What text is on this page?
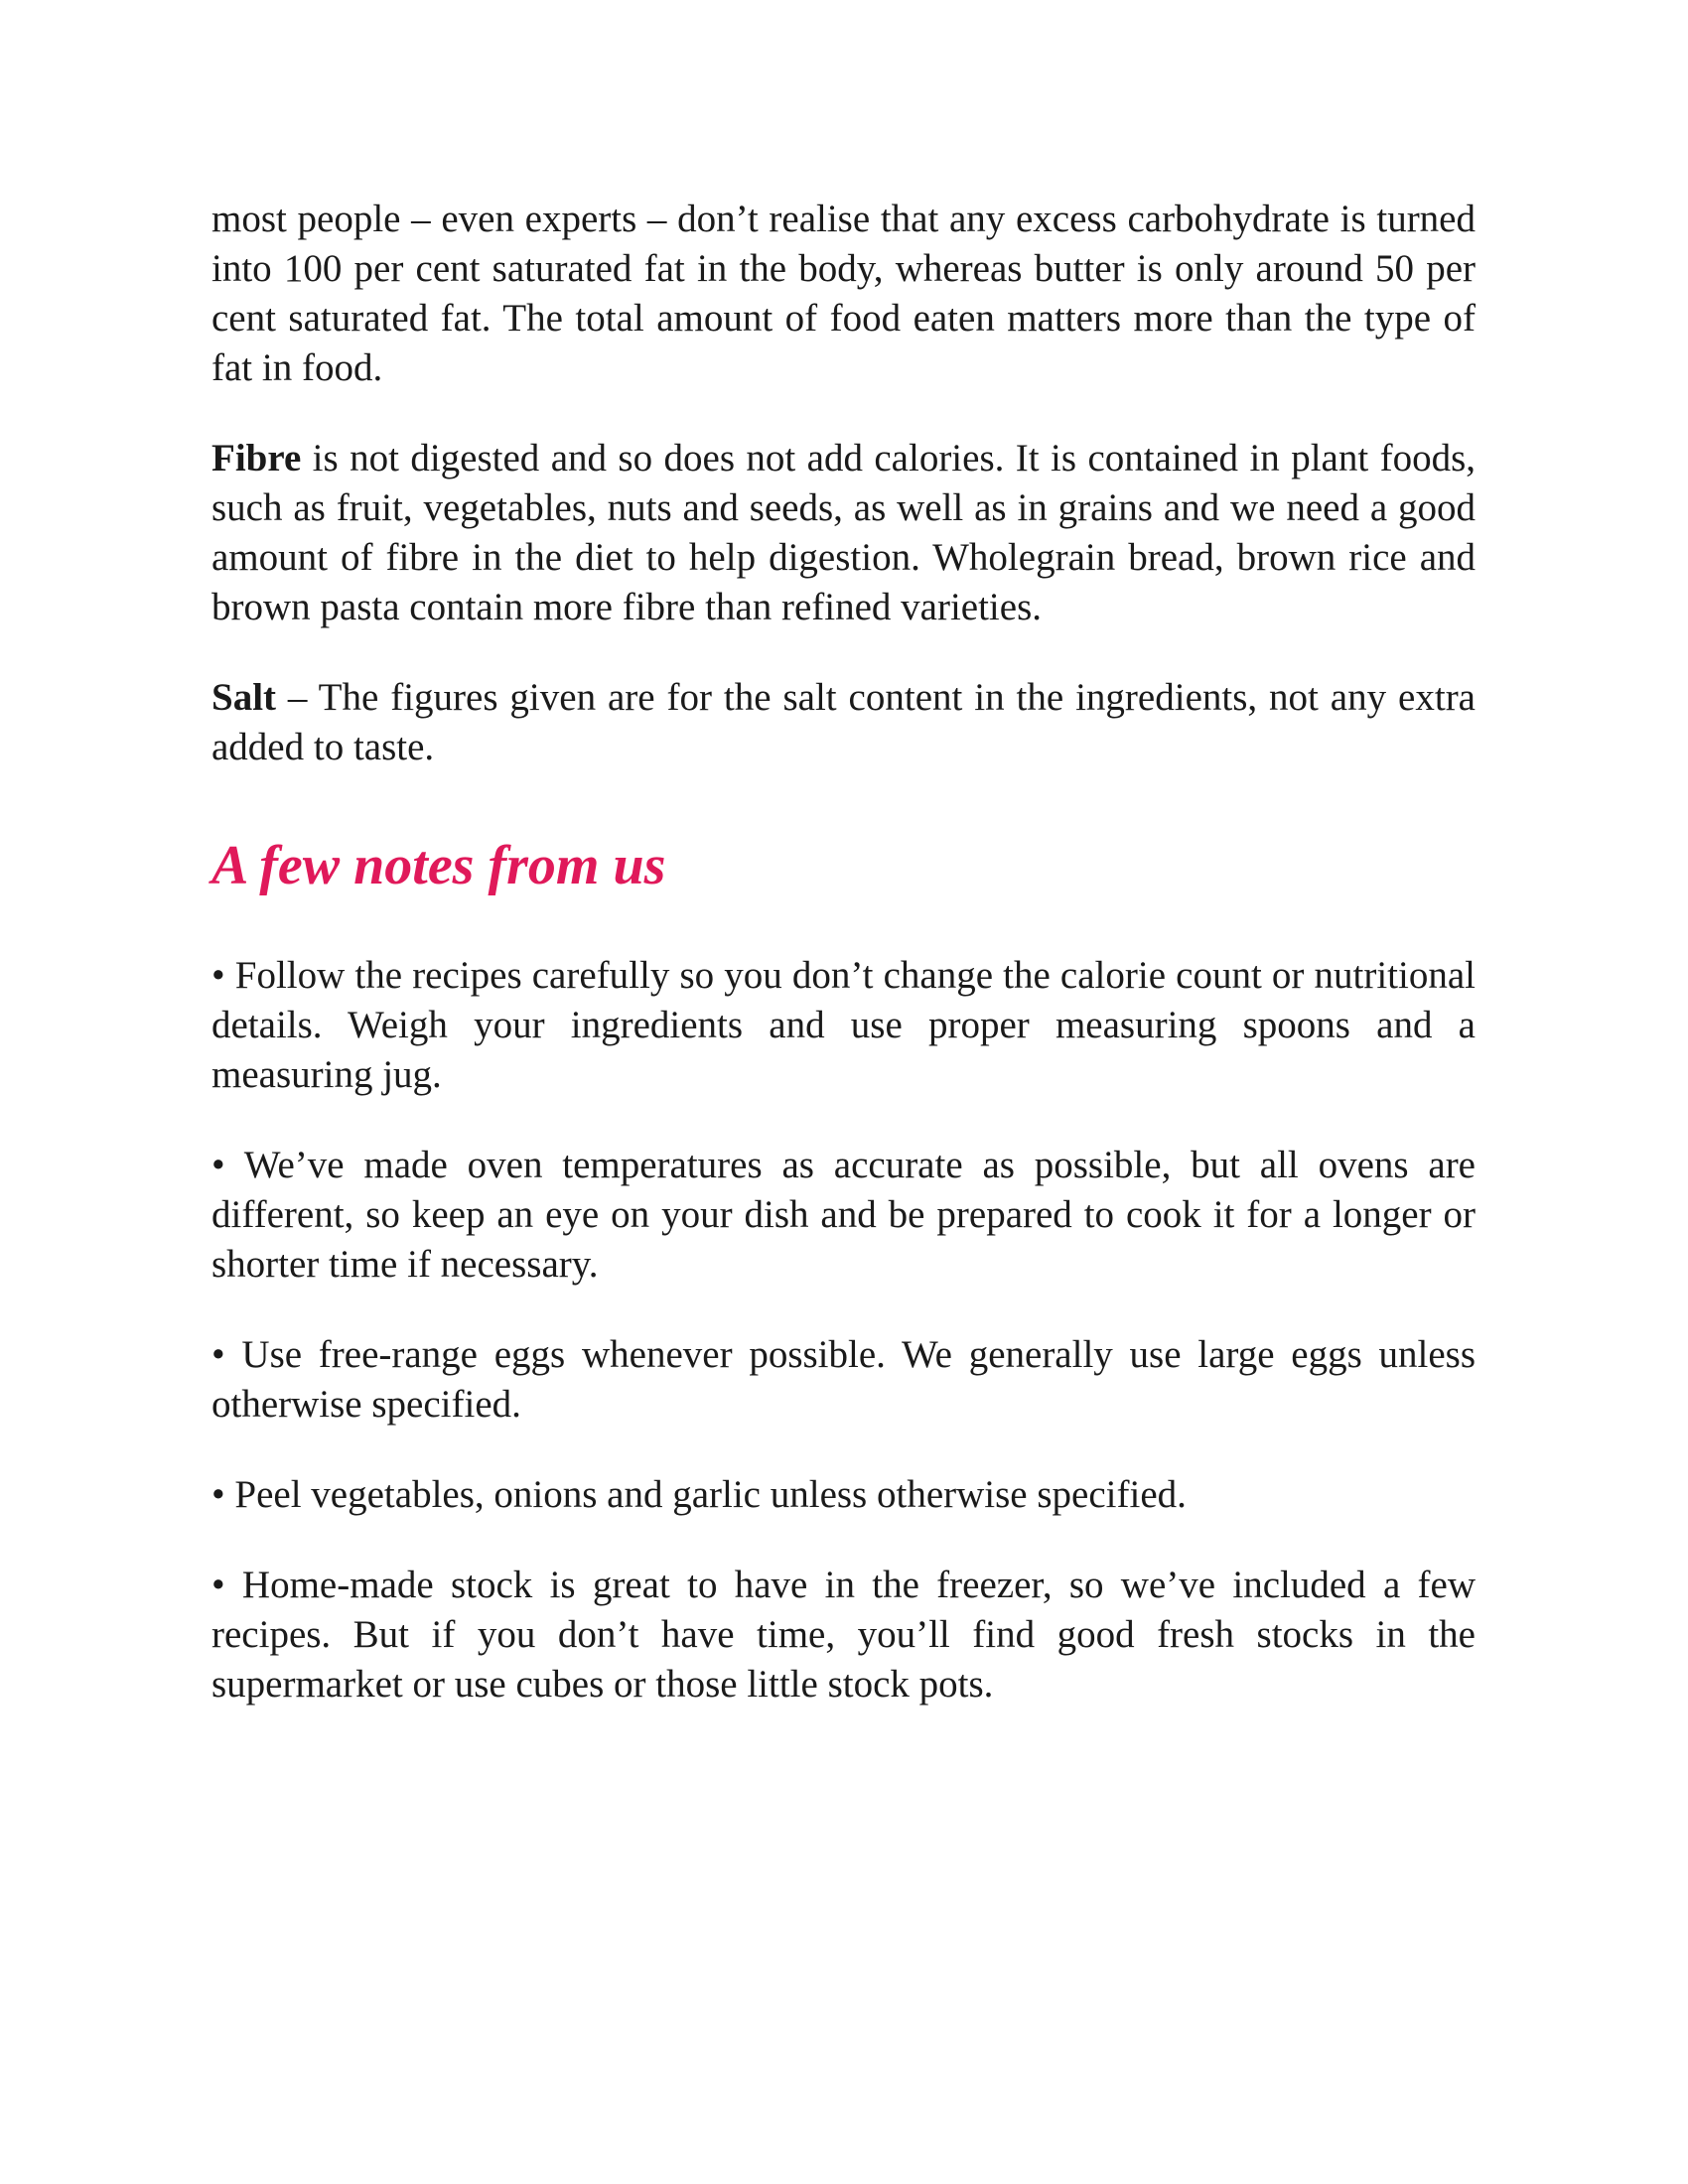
most people – even experts – don’t realise that any excess carbohydrate is turned into 100 per cent saturated fat in the body, whereas butter is only around 50 per cent saturated fat. The total amount of food eaten matters more than the type of fat in food.

Fibre is not digested and so does not add calories. It is contained in plant foods, such as fruit, vegetables, nuts and seeds, as well as in grains and we need a good amount of fibre in the diet to help digestion. Wholegrain bread, brown rice and brown pasta contain more fibre than refined varieties.

Salt – The figures given are for the salt content in the ingredients, not any extra added to taste.

A few notes from us
• Follow the recipes carefully so you don’t change the calorie count or nutritional details. Weigh your ingredients and use proper measuring spoons and a measuring jug.
• We’ve made oven temperatures as accurate as possible, but all ovens are different, so keep an eye on your dish and be prepared to cook it for a longer or shorter time if necessary.
• Use free-range eggs whenever possible. We generally use large eggs unless otherwise specified.
• Peel vegetables, onions and garlic unless otherwise specified.
• Home-made stock is great to have in the freezer, so we’ve included a few recipes. But if you don’t have time, you’ll find good fresh stocks in the supermarket or use cubes or those little stock pots.
